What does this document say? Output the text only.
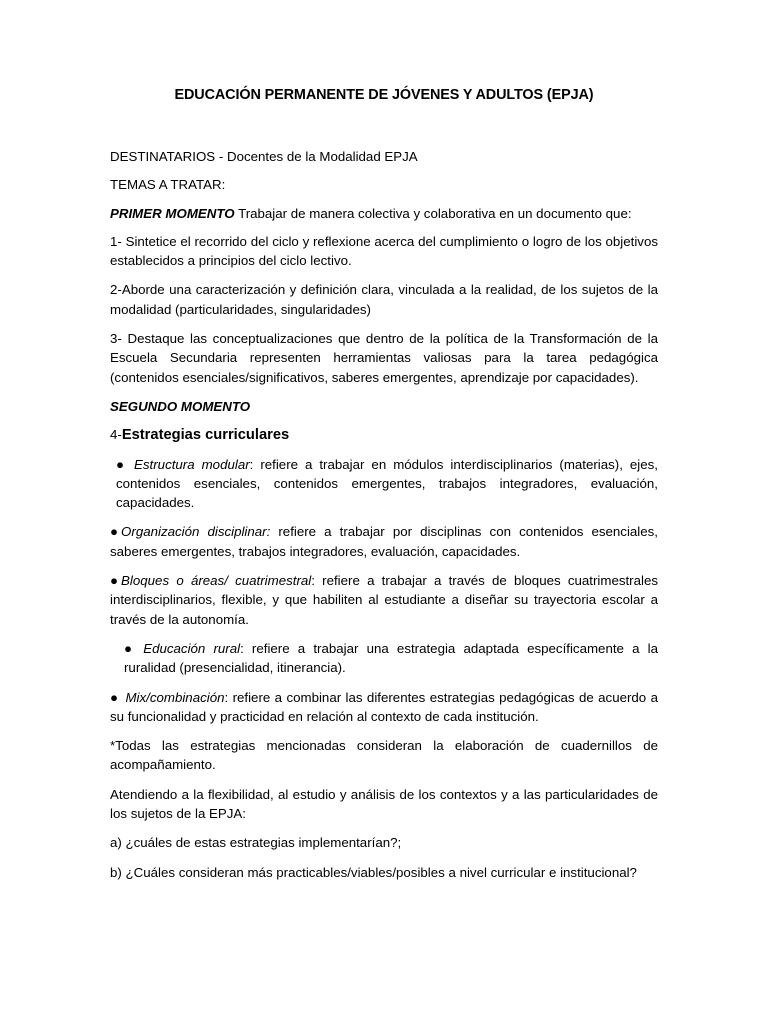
EDUCACIÓN PERMANENTE DE JÓVENES Y ADULTOS (EPJA)

DESTINATARIOS - Docentes de la Modalidad EPJA

TEMAS A TRATAR:

PRIMER MOMENTO Trabajar de manera colectiva y colaborativa en un documento que:

1- Sintetice el recorrido del ciclo y reflexione acerca del cumplimiento o logro de los objetivos establecidos a principios del ciclo lectivo.

2-Aborde una caracterización y definición clara, vinculada a la realidad, de los sujetos de la modalidad (particularidades, singularidades)

3- Destaque las conceptualizaciones que dentro de la política de la Transformación de la Escuela Secundaria representen herramientas valiosas para la tarea pedagógica (contenidos esenciales/significativos, saberes emergentes, aprendizaje por capacidades).

SEGUNDO MOMENTO

4-Estrategias curriculares

● Estructura modular: refiere a trabajar en módulos interdisciplinarios (materias), ejes, contenidos esenciales, contenidos emergentes, trabajos integradores, evaluación, capacidades.

● Organización disciplinar: refiere a trabajar por disciplinas con contenidos esenciales, saberes emergentes, trabajos integradores, evaluación, capacidades.

● Bloques o áreas/ cuatrimestral: refiere a trabajar a través de bloques cuatrimestrales interdisciplinarios, flexible, y que habiliten al estudiante a diseñar su trayectoria escolar a través de la autonomía.

● Educación rural: refiere a trabajar una estrategia adaptada específicamente a la ruralidad (presencialidad, itinerancia).

● Mix/combinación: refiere a combinar las diferentes estrategias pedagógicas de acuerdo a su funcionalidad y practicidad en relación al contexto de cada institución.

*Todas las estrategias mencionadas consideran la elaboración de cuadernillos de acompañamiento.

Atendiendo a la flexibilidad, al estudio y análisis de los contextos y a las particularidades de los sujetos de la EPJA:

a) ¿cuáles de estas estrategias implementarían?;

b) ¿Cuáles consideran más practicables/viables/posibles a nivel curricular e institucional?
